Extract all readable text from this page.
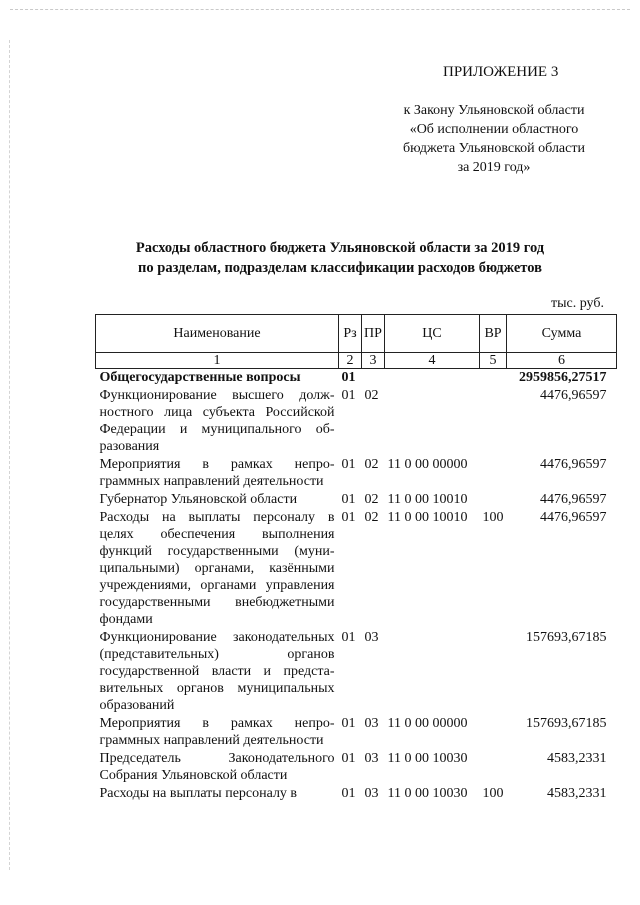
ПРИЛОЖЕНИЕ 3
к Закону Ульяновской области
«Об исполнении областного
бюджета Ульяновской области
за 2019 год»
Расходы областного бюджета Ульяновской области за 2019 год
по разделам, подразделам классификации расходов бюджетов
тыс. руб.
Наименование	Рз	ПР	ЦС	ВР	Сумма
1	2	3	4	5	6
Общегосударственные вопросы	01				2959856,27517
Функционирование высшего должностного лица субъекта Российской Федерации и муниципального образования	01	02			4476,96597
Мероприятия в рамках непрограммных направлений деятельности	01	02	11 0 00 00000		4476,96597
Губернатор Ульяновской области	01	02	11 0 00 10010		4476,96597
Расходы на выплаты персоналу в целях обеспечения выполнения функций государственными (муниципальными) органами, казёнными учреждениями, органами управления государственными внебюджетными фондами	01	02	11 0 00 10010	100	4476,96597
Функционирование законодательных (представительных) органов государственной власти и представительных органов муниципальных образований	01	03			157693,67185
Мероприятия в рамках непрограммных направлений деятельности	01	03	11 0 00 00000		157693,67185
Председатель Законодательного Собрания Ульяновской области	01	03	11 0 00 10030		4583,2331
Расходы на выплаты персоналу в	01	03	11 0 00 10030	100	4583,2331
